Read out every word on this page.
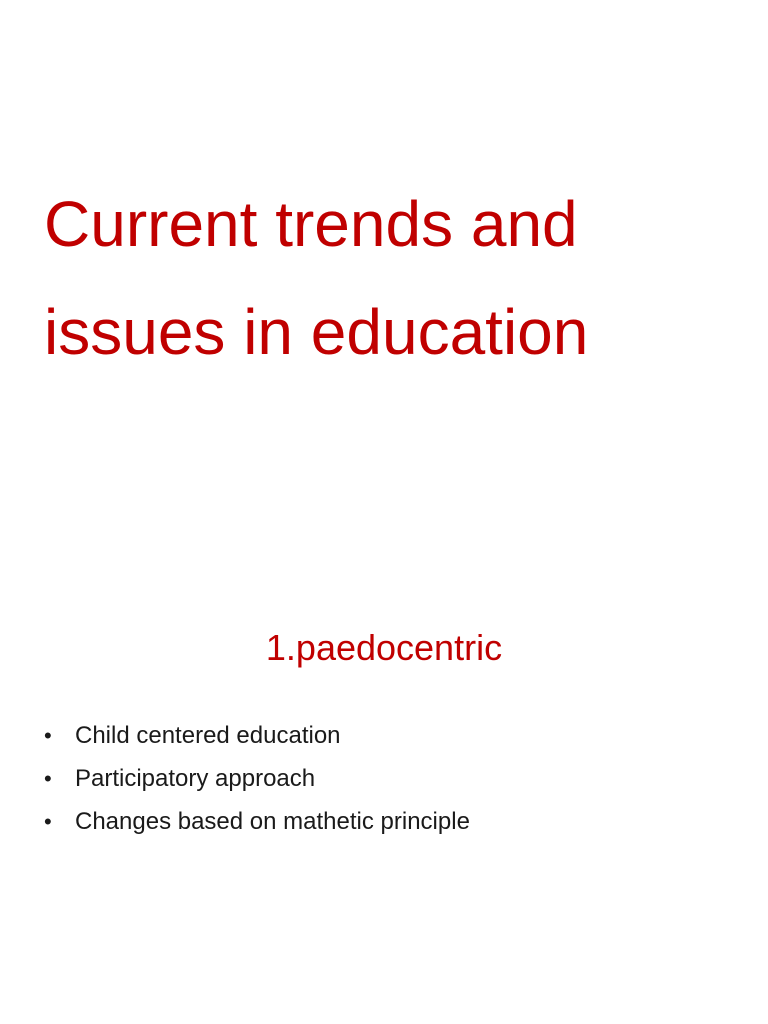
Current trends and
issues in education
1.paedocentric
• Child centered education
• Participatory approach
• Changes based on mathetic principle
